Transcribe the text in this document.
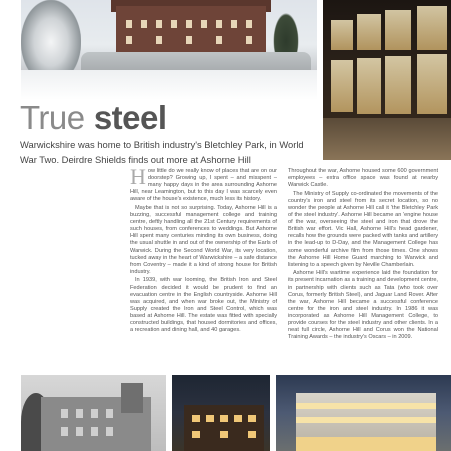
True steel

Warwickshire was home to British industry's Bletchley Park, in World War Two. Deirdre Shields finds out more at Ashorne Hill

How little do we really know of places that are on our doorstep? Growing up, I spent – and misspent – many happy days in the area surrounding Ashorne Hill, near Leamington, but to this day I was scarcely even aware of the house's existence, much less its history.

Maybe that is not so surprising. Today, Ashorne Hill is a buzzing, successful management college and training centre, deftly handling all the 21st Century requirements of such houses, from conferences to weddings. But Ashorne Hill spent many centuries minding its own business, doing the usual shuttle in and out of the ownership of the Earls of Warwick. During the Second World War, its very location, tucked away in the heart of Warwickshire – a safe distance from Coventry – made it a kind of strong house for British industry.

In 1939, with war looming, the British Iron and Steel Federation decided it would be prudent to find an evacuation centre in the English countryside. Ashorne Hill was acquired, and when war broke out, the Ministry of Supply created the Iron and Steel Control, which was based at Ashorne Hill. The estate was fitted with specially constructed buildings, that housed dormitories and offices, a recreation and dining hall, and 40 garages.

Throughout the war, Ashorne housed some 600 government employees – extra office space was found at nearby Warwick Castle.

The Ministry of Supply co-ordinated the movements of the country's iron and steel from its secret location, so no wonder the people at Ashorne Hill call it 'the Bletchley Park of the steel industry'. Ashorne Hill became an 'engine house of the war, overseeing the steel and iron that drove the British war effort. Vic Hall, Ashorne Hill's head gardener, recalls how the grounds were packed with tanks and artillery in the lead-up to D-Day, and the Management College has some wonderful archive film from those times. One shows the Ashorne Hill Home Guard marching to Warwick and listening to a speech given by Neville Chamberlain.

Ashorne Hill's wartime experience laid the foundation for its present incarnation as a training and development centre, in partnership with clients such as Tata (who took over Corus, formerly British Steel), and Jaguar Land Rover. After the war, Ashorne Hill became a successful conference centre for the iron and steel industry. In 1986 it was incorporated as Ashorne Hill Management College, to provide courses for the steel industry and other clients. In a neat full circle, Ashorne Hill and Corus won the National Training Awards – the industry's Oscars – in 2009.
